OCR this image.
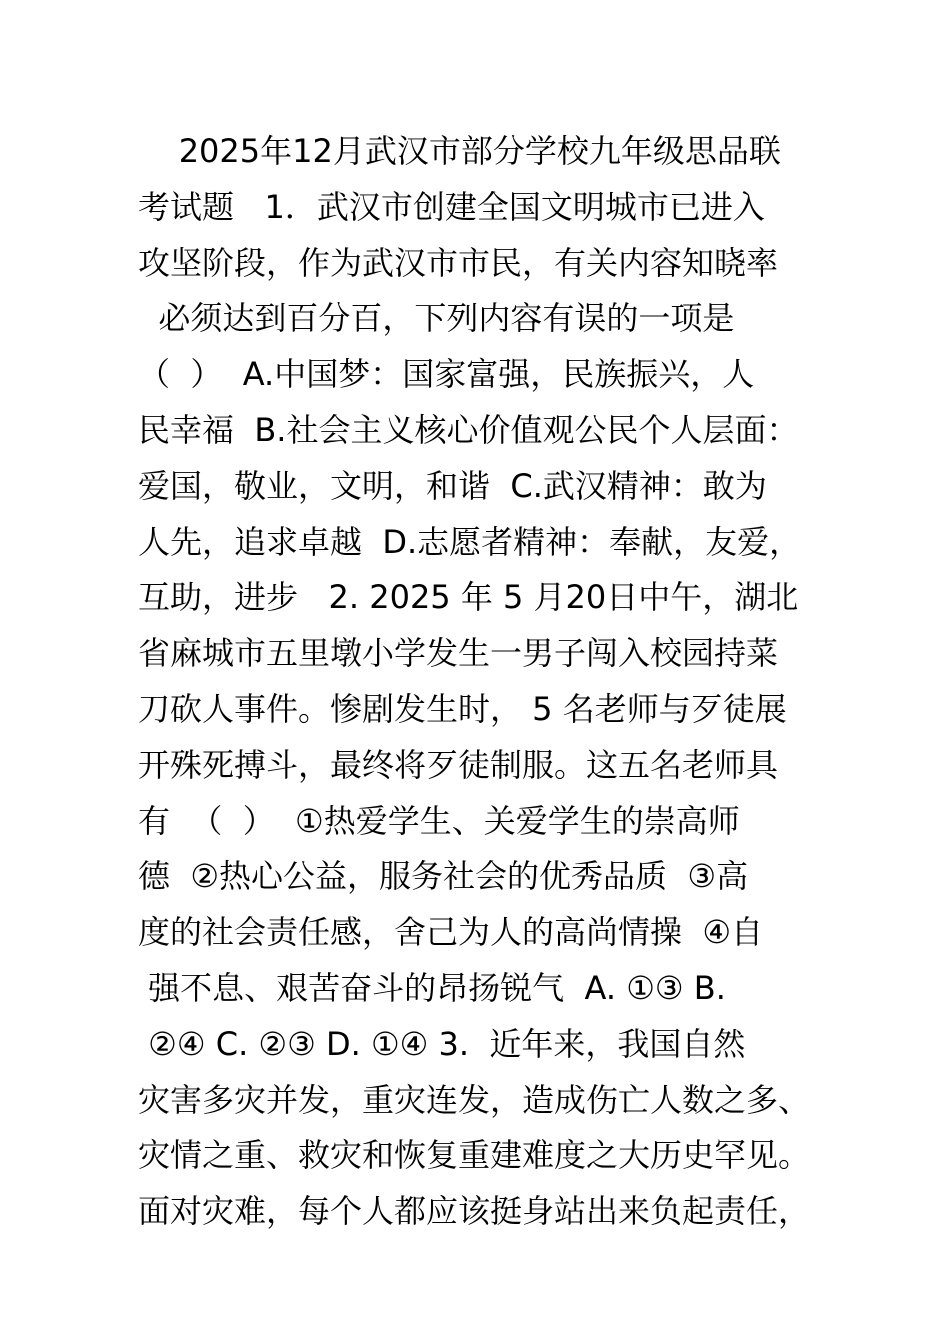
2025年12月武汉市部分学校九年级思品联
考试题   1．武汉市创建全国文明城市已进入
攻坚阶段，作为武汉市市民，有关内容知晓率
必须达到百分百，下列内容有误的一项是
（  ）  A.中国梦：国家富强，民族振兴，人
民幸福  B.社会主义核心价值观公民个人层面：
爱国，敬业，文明，和谐  C.武汉精神：敢为
人先，追求卓越  D.志愿者精神：奉献，友爱，
互助，进步   2. 2025 年 5 月20日中午，湖北
省麻城市五里墩小学发生一男子闯入校园持菜
刀砍人事件。惨剧发生时， 5 名老师与歹徒展
开殊死搏斗，最终将歹徒制服。这五名老师具
有  （  ）  ①热爱学生、关爱学生的崇高师
德  ②热心公益，服务社会的优秀品质  ③高
度的社会责任感，舍己为人的高尚情操  ④自
强不息、艰苦奋斗的昂扬锐气  A. ①③ B.
②④ C. ②③ D. ①④ 3.  近年来，我国自然
灾害多灾并发，重灾连发，造成伤亡人数之多、
灾情之重、救灾和恢复重建难度之大历史罕见。
面对灾难，每个人都应该挺身站出来负起责任，
